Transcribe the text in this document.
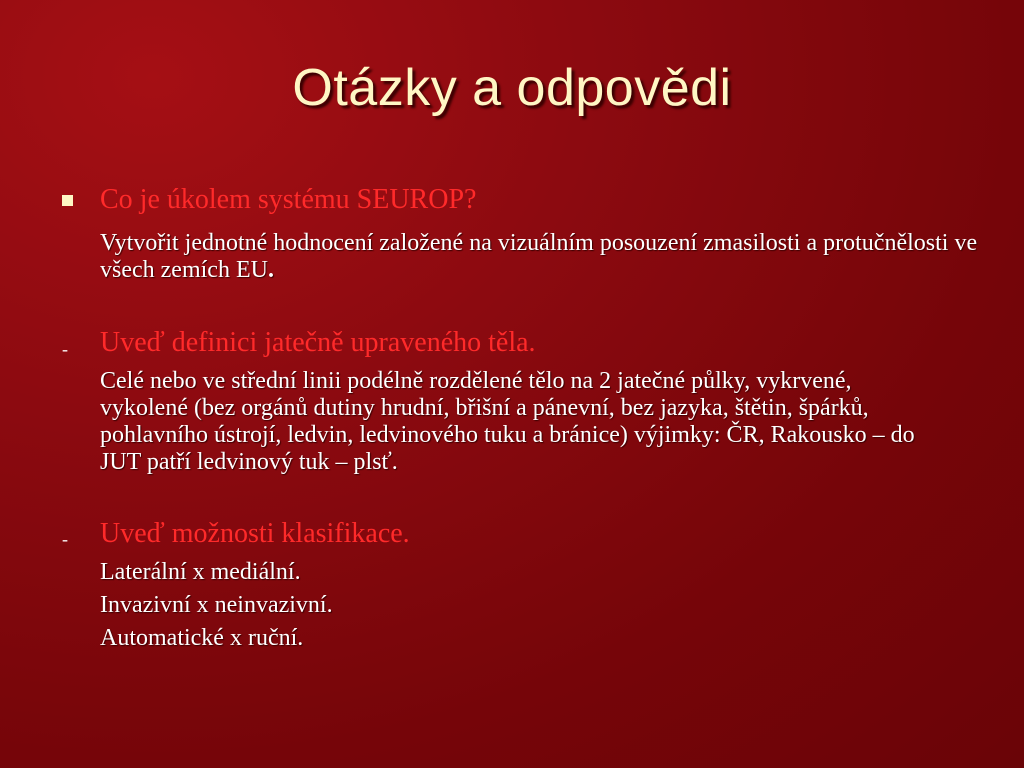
Otázky a odpovědi
Co je úkolem systému SEUROP?
Vytvořit jednotné hodnocení založené na vizuálním posouzení zmasilosti a protučnělosti ve všech zemích EU.
- Uveď definici jatečně upraveného těla.
Celé nebo ve střední linii podélně rozdělené tělo na 2 jatečné půlky, vykrvené, vykolené (bez orgánů dutiny hrudní, břišní a pánevní, bez jazyka, štětin, špárků, pohlavního ústrojí, ledvin, ledvinového tuku a bránice) výjimky: ČR, Rakousko – do JUT patří ledvinový tuk – plsť.
- Uveď možnosti klasifikace.
Laterální x mediální.
Invazivní x neinvazivní.
Automatické x ruční.
